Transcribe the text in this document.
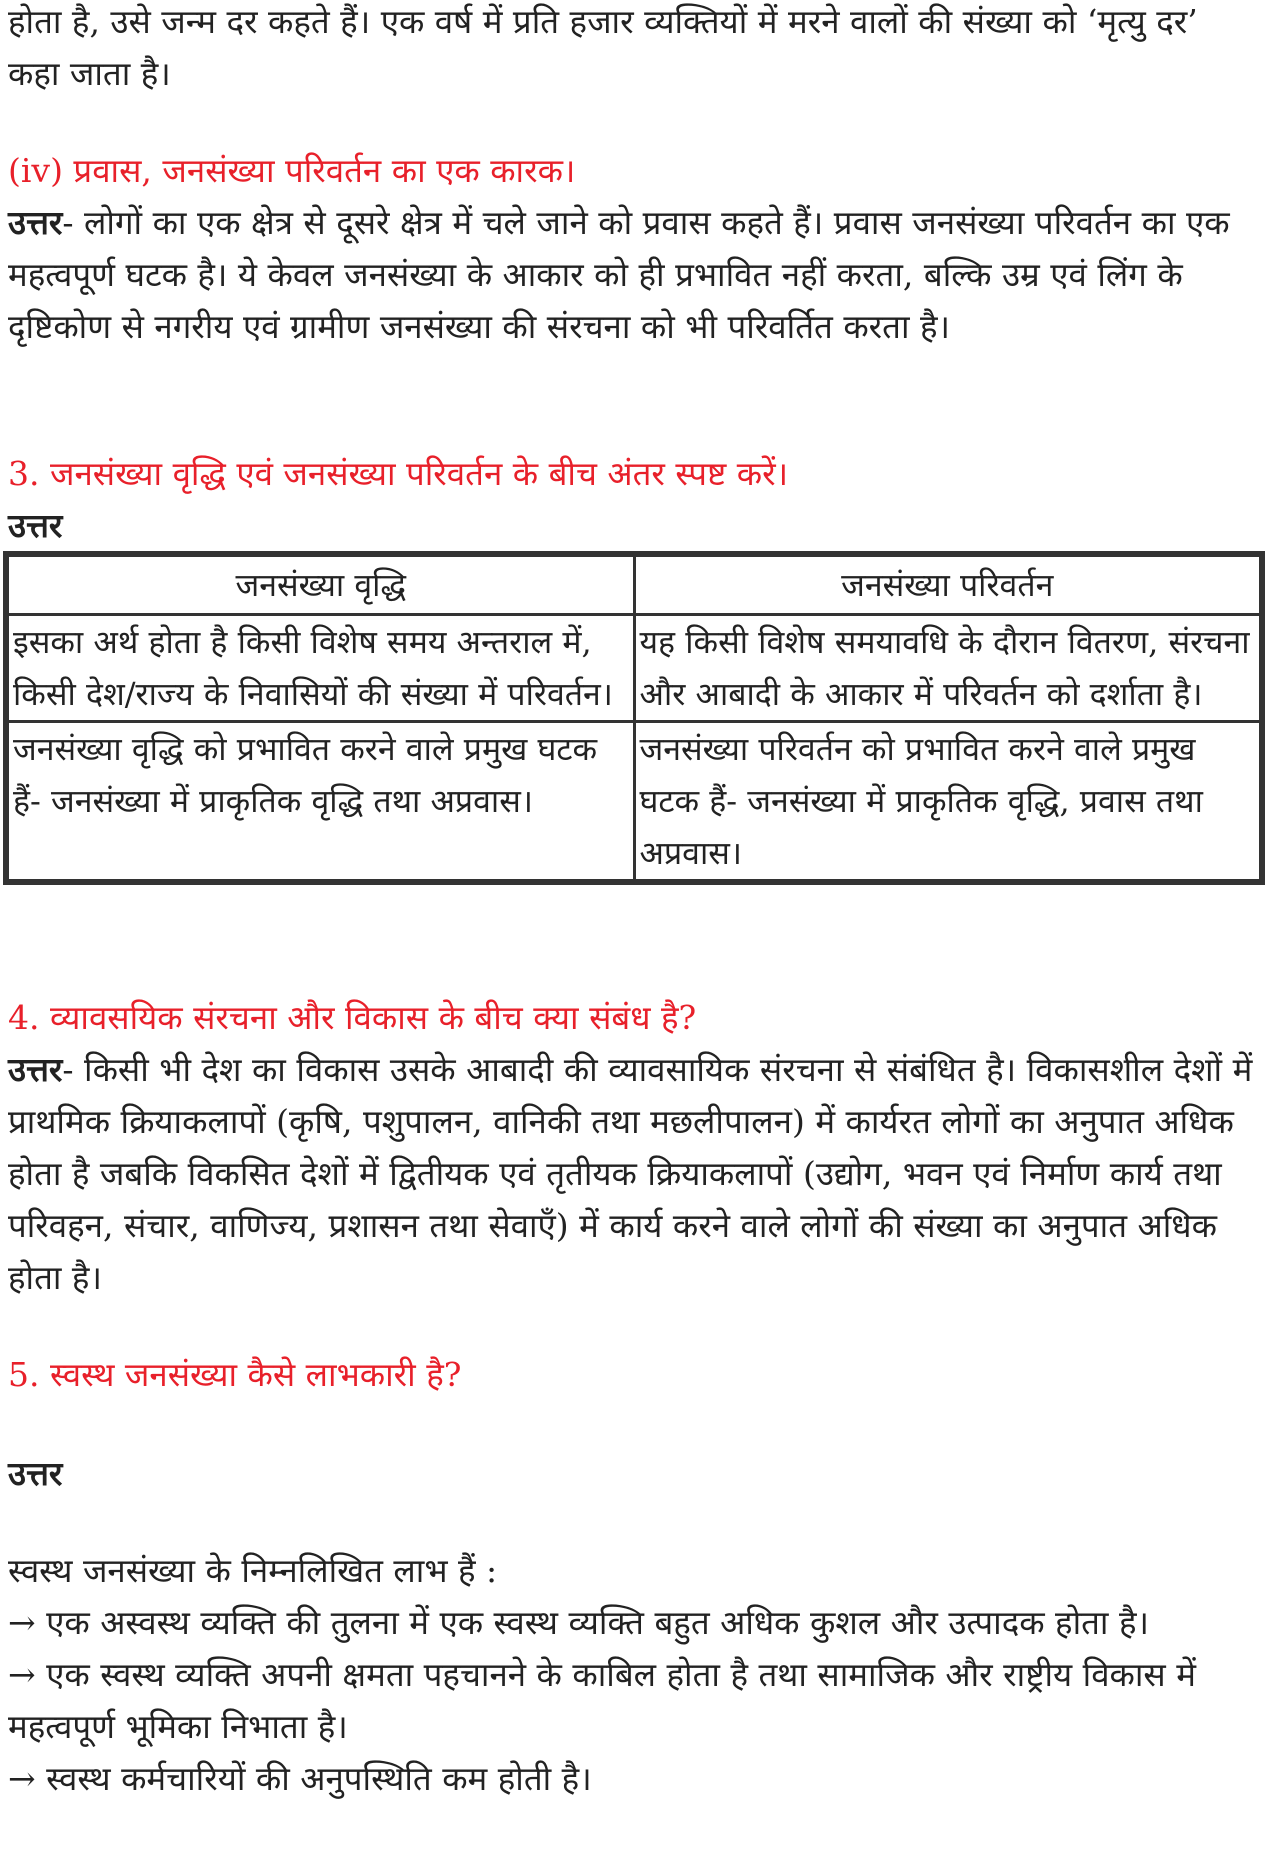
होता है, उसे जन्म दर कहते हैं। एक वर्ष में प्रति हजार व्यक्तियों में मरने वालों की संख्या को ‘मृत्यु दर’ कहा जाता है।
(iv) प्रवास, जनसंख्या परिवर्तन का एक कारक।
उत्तर- लोगों का एक क्षेत्र से दूसरे क्षेत्र में चले जाने को प्रवास कहते हैं। प्रवास जनसंख्या परिवर्तन का एक महत्वपूर्ण घटक है। ये केवल जनसंख्या के आकार को ही प्रभावित नहीं करता, बल्कि उम्र एवं लिंग के दृष्टिकोण से नगरीय एवं ग्रामीण जनसंख्या की संरचना को भी परिवर्तित करता है।
3. जनसंख्या वृद्धि एवं जनसंख्या परिवर्तन के बीच अंतर स्पष्ट करें।
उत्तर
जनसंख्या वृद्धि	जनसंख्या परिवर्तन
इसका अर्थ होता है किसी विशेष समय अन्तराल में, किसी देश/राज्य के निवासियों की संख्या में परिवर्तन।	यह किसी विशेष समयावधि के दौरान वितरण, संरचना और आबादी के आकार में परिवर्तन को दर्शाता है।
जनसंख्या वृद्धि को प्रभावित करने वाले प्रमुख घटक हैं- जनसंख्या में प्राकृतिक वृद्धि तथा अप्रवास।	जनसंख्या परिवर्तन को प्रभावित करने वाले प्रमुख घटक हैं- जनसंख्या में प्राकृतिक वृद्धि, प्रवास तथा अप्रवास।
4. व्यावसयिक संरचना और विकास के बीच क्या संबंध है?
उत्तर- किसी भी देश का विकास उसके आबादी की व्यावसायिक संरचना से संबंधित है। विकासशील देशों में प्राथमिक क्रियाकलापों (कृषि, पशुपालन, वानिकी तथा मछलीपालन) में कार्यरत लोगों का अनुपात अधिक होता है जबकि विकसित देशों में द्वितीयक एवं तृतीयक क्रियाकलापों (उद्योग, भवन एवं निर्माण कार्य तथा परिवहन, संचार, वाणिज्य, प्रशासन तथा सेवाएँ) में कार्य करने वाले लोगों की संख्या का अनुपात अधिक होता है।
5. स्वस्थ जनसंख्या कैसे लाभकारी है?
उत्तर
स्वस्थ जनसंख्या के निम्नलिखित लाभ हैं :
→ एक अस्वस्थ व्यक्ति की तुलना में एक स्वस्थ व्यक्ति बहुत अधिक कुशल और उत्पादक होता है।
→ एक स्वस्थ व्यक्ति अपनी क्षमता पहचानने के काबिल होता है तथा सामाजिक और राष्ट्रीय विकास में महत्वपूर्ण भूमिका निभाता है।
→ स्वस्थ कर्मचारियों की अनुपस्थिति कम होती है।
